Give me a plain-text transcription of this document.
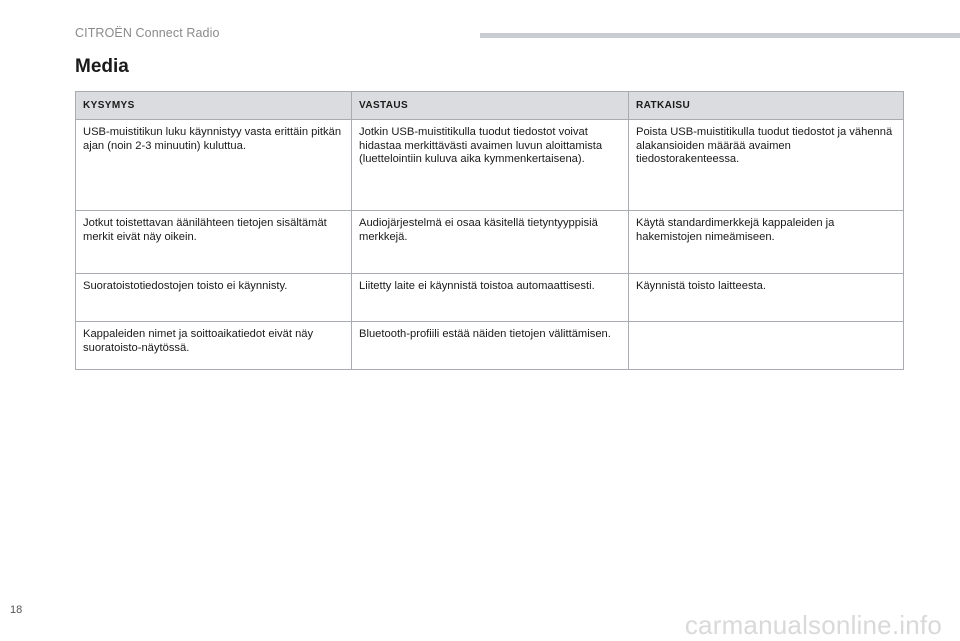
CITROËN Connect Radio
Media
KYSYMYS	VASTAUS	RATKAISU
USB-muistitikun luku käynnistyy vasta erittäin pitkän ajan (noin 2-3 minuutin) kuluttua.	Jotkin USB-muistitikulla tuodut tiedostot voivat hidastaa merkittävästi avaimen luvun aloittamista (luettelointiin kuluva aika kymmenkertaisena).	Poista USB-muistitikulla tuodut tiedostot ja vähennä alakansioiden määrää avaimen tiedostorakenteessa.
Jotkut toistettavan äänilähteen tietojen sisältämät merkit eivät näy oikein.	Audiojärjestelmä ei osaa käsitellä tietyntyyppisiä merkkejä.	Käytä standardimerkkejä kappaleiden ja hakemistojen nimeämiseen.
Suoratoistotiedostojen toisto ei käynnisty.	Liitetty laite ei käynnistä toistoa automaattisesti.	Käynnistä toisto laitteesta.
Kappaleiden nimet ja soittoaikatiedot eivät näy suoratoisto-näytössä.	Bluetooth-profiili estää näiden tietojen välittämisen.	
18	carmanualsonline.info
